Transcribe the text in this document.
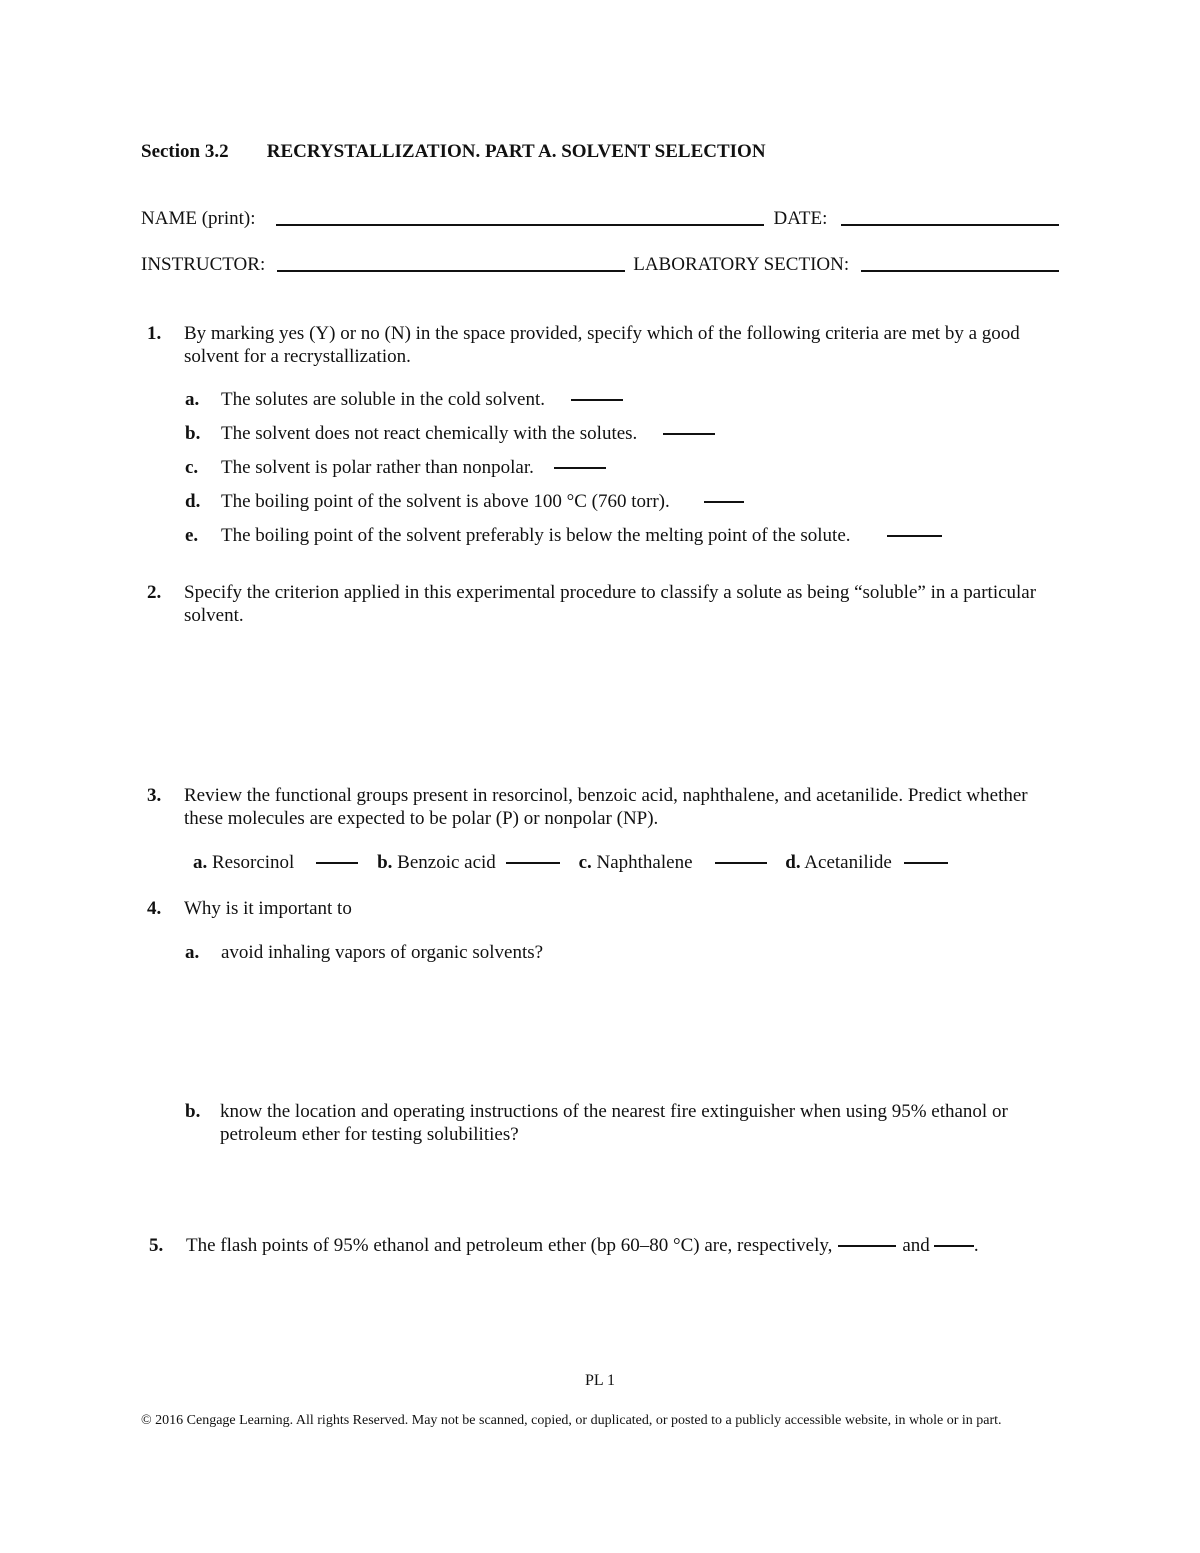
Section 3.2 RECRYSTALLIZATION. PART A. SOLVENT SELECTION
NAME (print):	DATE:
INSTRUCTOR:	LABORATORY SECTION:
1. By marking yes (Y) or no (N) in the space provided, specify which of the following criteria are met by a good solvent for a recrystallization.
a. The solutes are soluble in the cold solvent.
b. The solvent does not react chemically with the solutes.
c. The solvent is polar rather than nonpolar.
d. The boiling point of the solvent is above 100 °C (760 torr).
e. The boiling point of the solvent preferably is below the melting point of the solute.
2. Specify the criterion applied in this experimental procedure to classify a solute as being “soluble” in a particular solvent.
3. Review the functional groups present in resorcinol, benzoic acid, naphthalene, and acetanilide. Predict whether these molecules are expected to be polar (P) or nonpolar (NP).
a. Resorcinol	b. Benzoic acid	c. Naphthalene	d. Acetanilide
4. Why is it important to
a. avoid inhaling vapors of organic solvents?
b. know the location and operating instructions of the nearest fire extinguisher when using 95% ethanol or petroleum ether for testing solubilities?
5. The flash points of 95% ethanol and petroleum ether (bp 60–80 °C) are, respectively,	and .
PL 1
© 2016 Cengage Learning. All rights Reserved. May not be scanned, copied, or duplicated, or posted to a publicly accessible website, in whole or in part.
